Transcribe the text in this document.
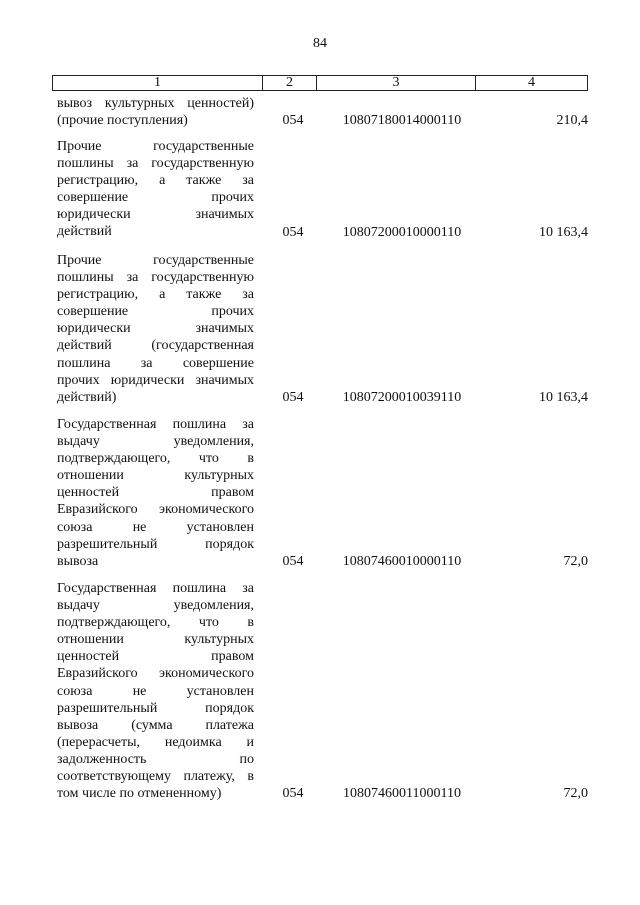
84
1	2	3	4
вывоз культурных ценностей)
(прочие поступления)	054	10807180014000110	210,4
Прочие государственные
пошлины за государственную
регистрацию, а также за
совершение прочих
юридически значимых
действий	054	10807200010000110	10 163,4
Прочие государственные
пошлины за государственную
регистрацию, а также за
совершение прочих
юридически значимых
действий (государственная
пошлина за совершение
прочих юридически значимых
действий)	054	10807200010039110	10 163,4
Государственная пошлина за
выдачу уведомления,
подтверждающего, что в
отношении культурных
ценностей правом
Евразийского экономического
союза не установлен
разрешительный порядок
вывоза	054	10807460010000110	72,0
Государственная пошлина за
выдачу уведомления,
подтверждающего, что в
отношении культурных
ценностей правом
Евразийского экономического
союза не установлен
разрешительный порядок
вывоза (сумма платежа
(перерасчеты, недоимка и
задолженность по
соответствующему платежу, в
том числе по отмененному)	054	10807460011000110	72,0
